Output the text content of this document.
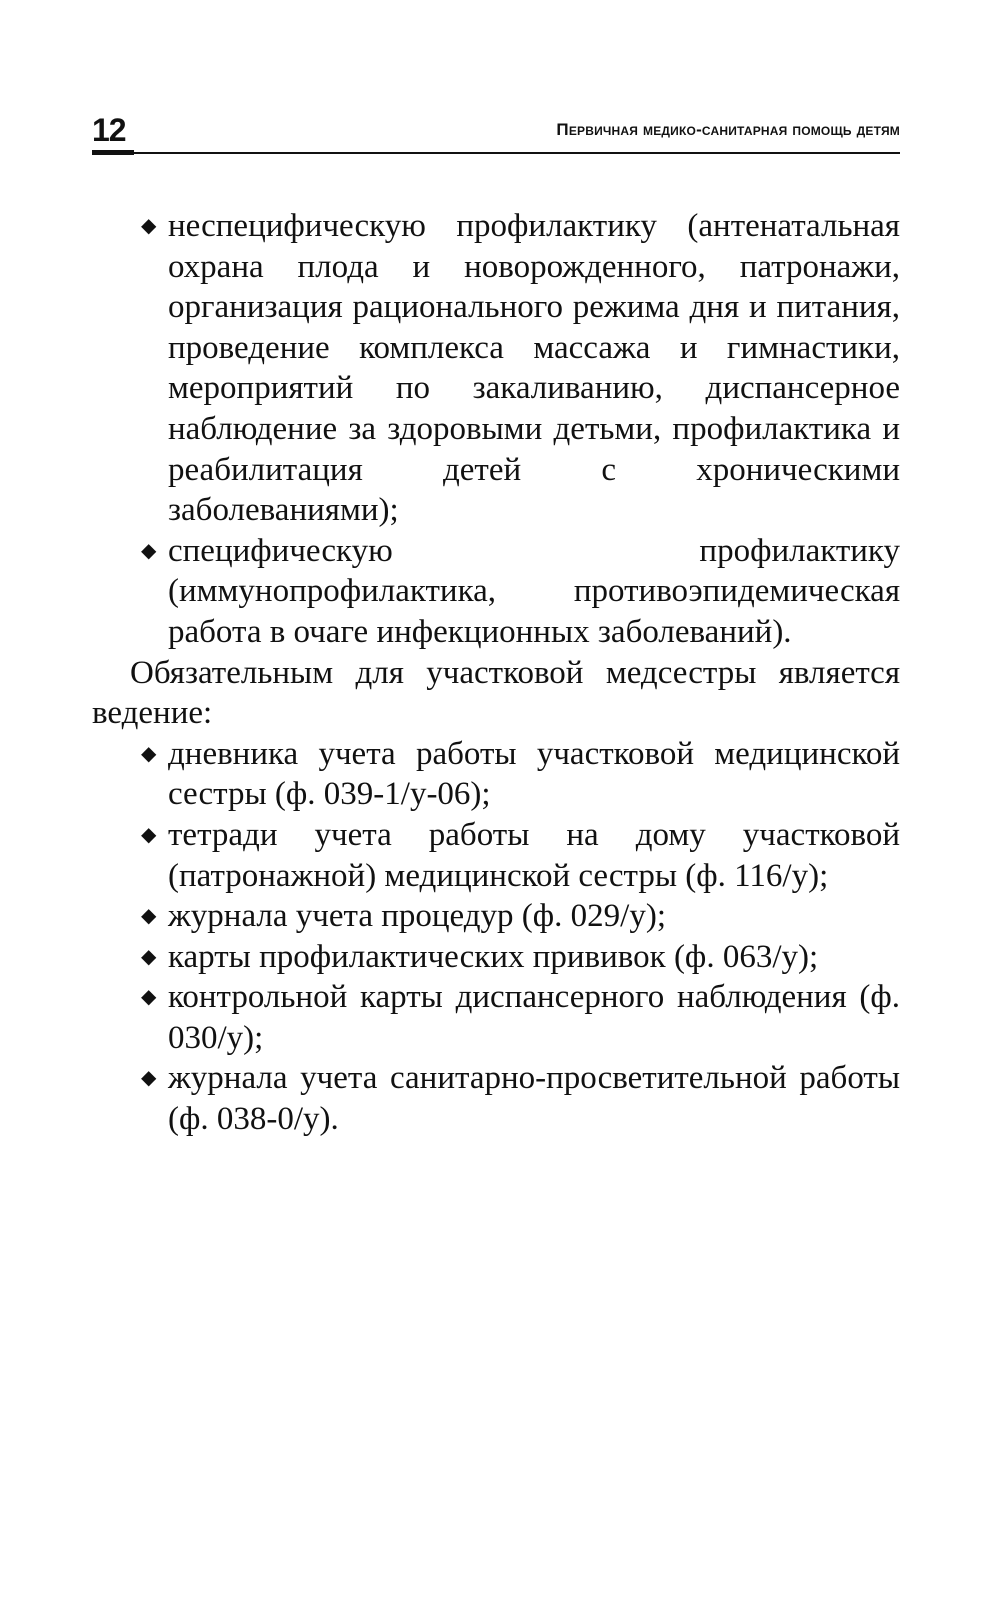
12	Первичная медико-санитарная помощь детям
◆ неспецифическую профилактику (антенатальная охрана плода и новорожденного, патронажи, организация рационального режима дня и питания, проведение комплекса массажа и гимнастики, мероприятий по закаливанию, диспансерное наблюдение за здоровыми детьми, профилактика и реабилитация детей с хроническими заболеваниями);
◆ специфическую профилактику (иммунопрофилактика, противоэпидемическая работа в очаге инфекционных заболеваний).

Обязательным для участковой медсестры является ведение:

◆ дневника учета работы участковой медицинской сестры (ф. 039-1/у-06);
◆ тетради учета работы на дому участковой (патронажной) медицинской сестры (ф. 116/у);
◆ журнала учета процедур (ф. 029/у);
◆ карты профилактических прививок (ф. 063/у);
◆ контрольной карты диспансерного наблюдения (ф. 030/у);
◆ журнала учета санитарно-просветительной работы (ф. 038-0/у).
